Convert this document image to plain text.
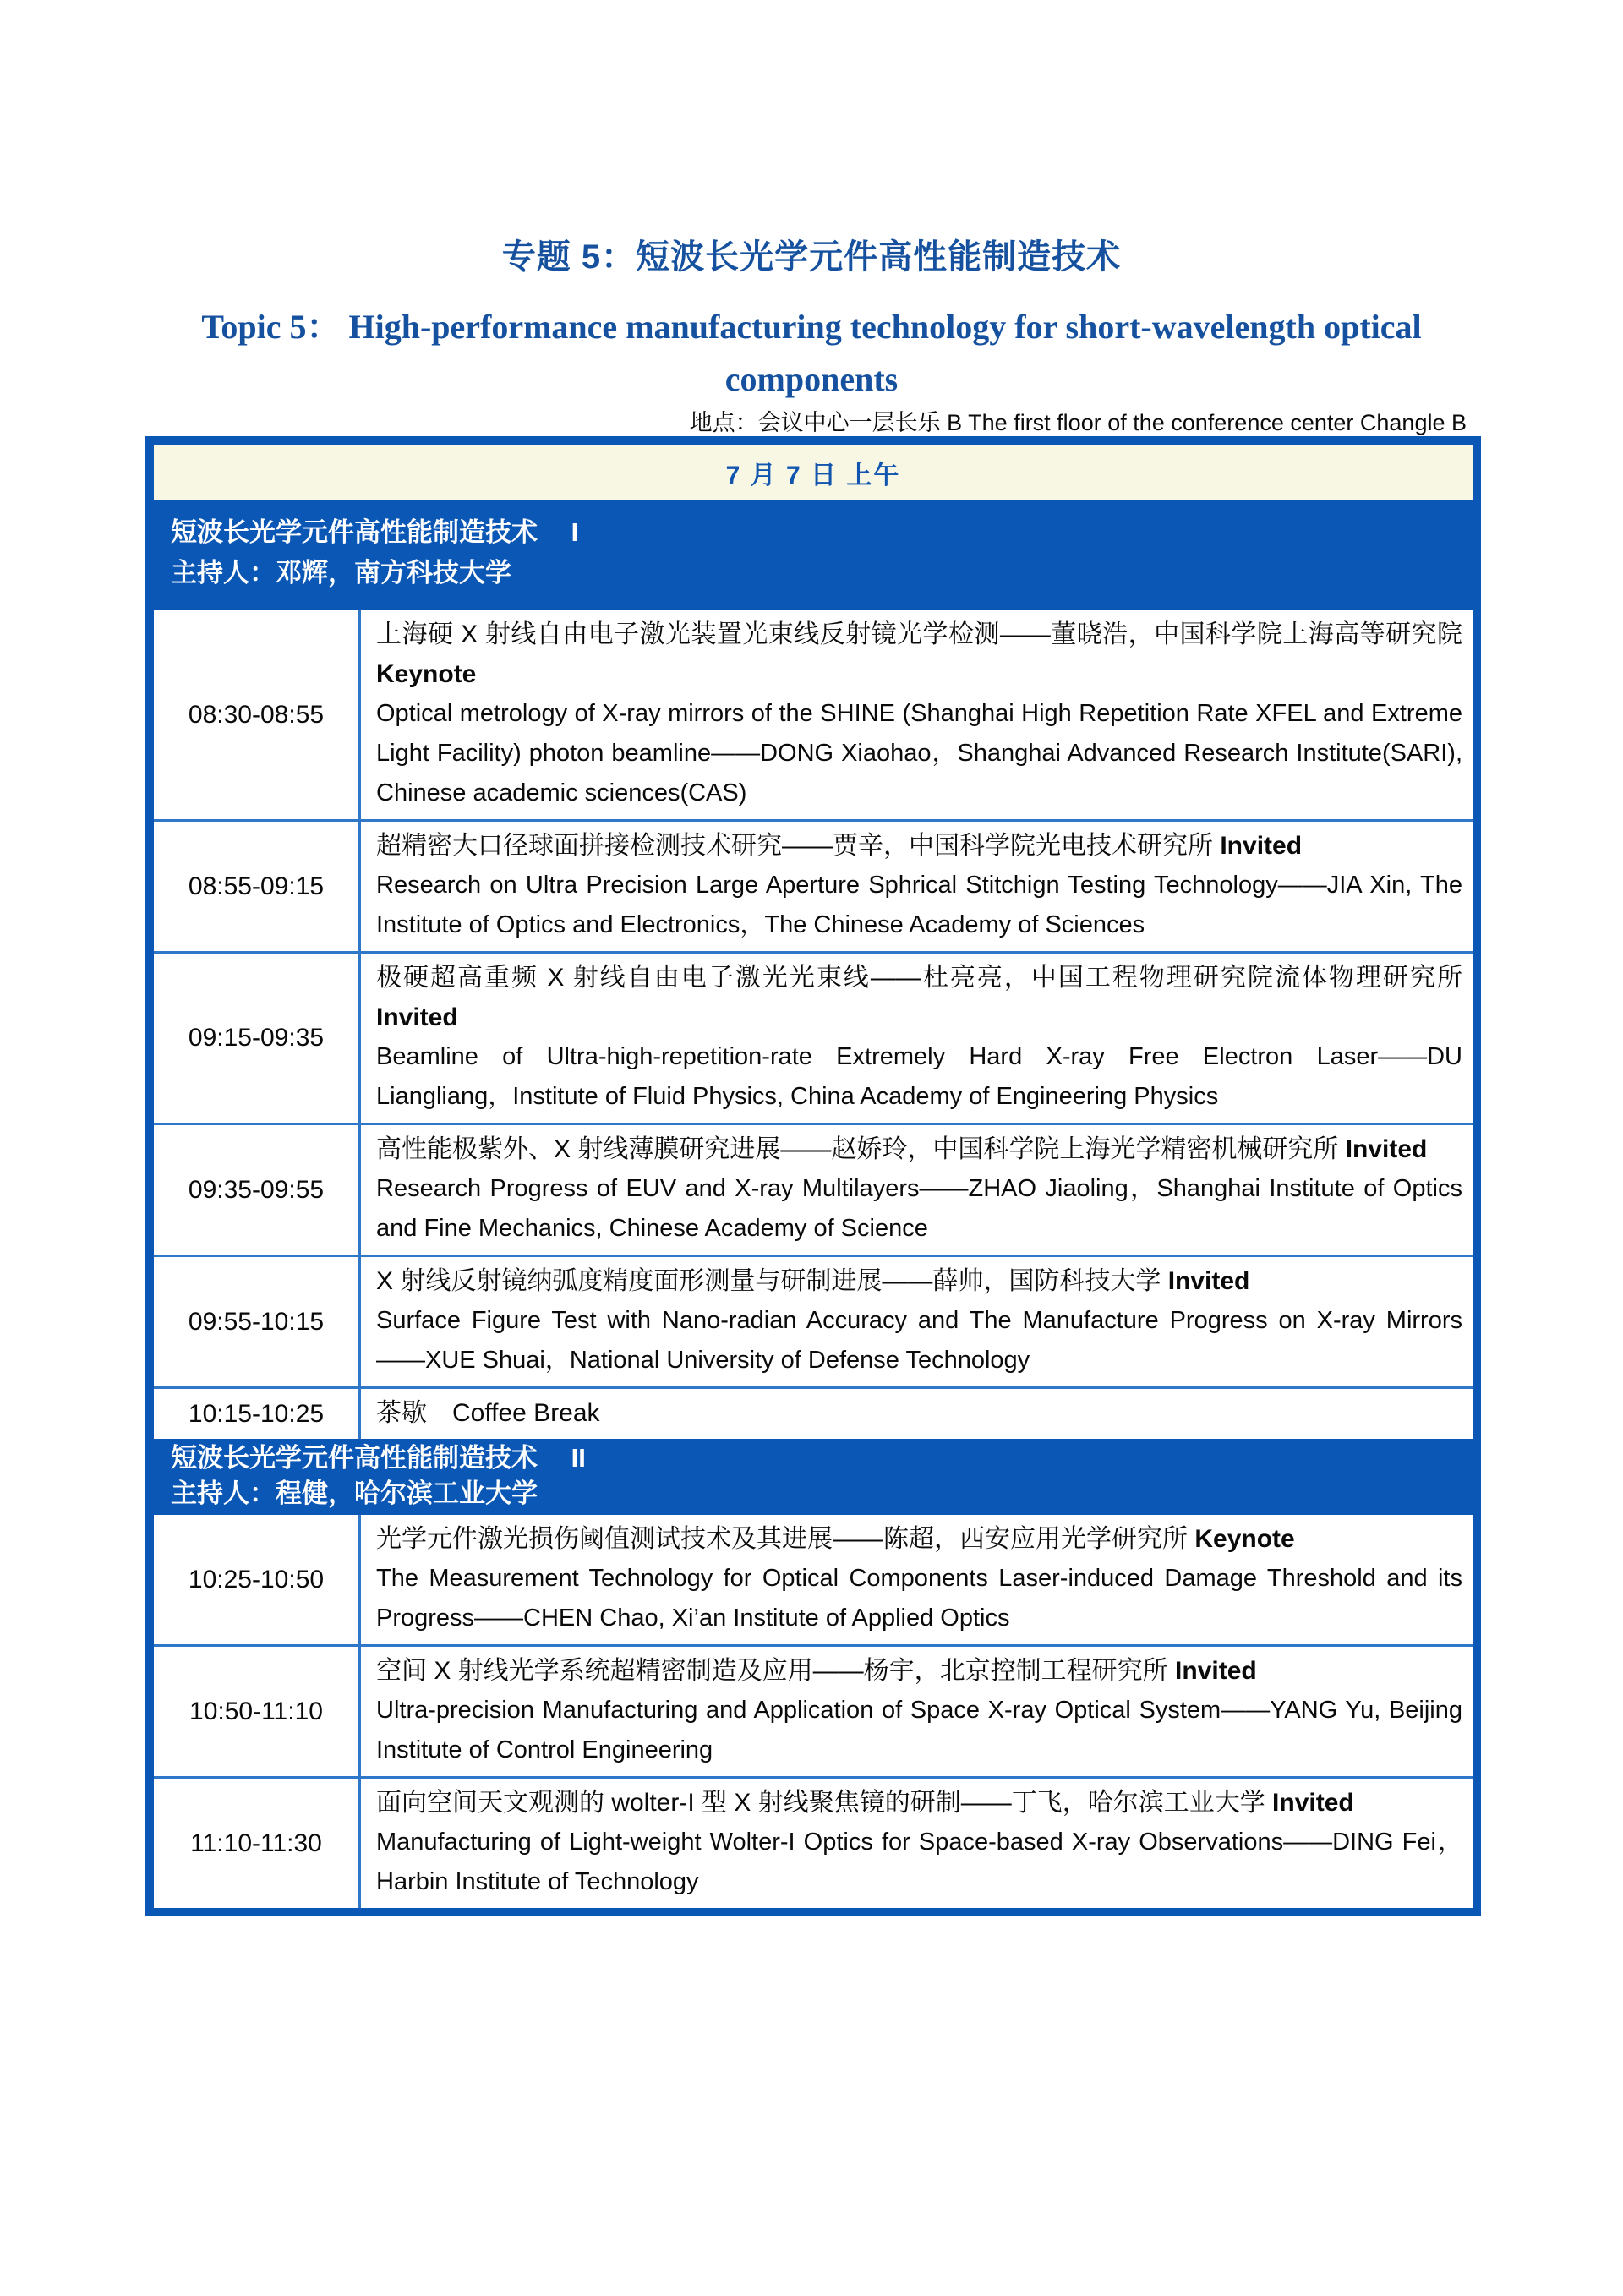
专题 5：短波长光学元件高性能制造技术
Topic 5： High-performance manufacturing technology for short-wavelength optical
components
地点：会议中心一层长乐 B The first floor of the conference center Changle B
7 月 7 日 上午
短波长光学元件高性能制造技术　 I
主持人：邓辉，南方科技大学
08:30-08:55

上海硬 X 射线自由电子激光装置光束线反射镜光学检测——董晓浩，中国科学院上海高等研究院 Keynote

Optical metrology of X-ray mirrors of the SHINE (Shanghai High Repetition Rate XFEL and Extreme Light Facility) photon beamline——DONG Xiaohao，Shanghai Advanced Research Institute(SARI), Chinese academic sciences(CAS)

08:55-09:15

超精密大口径球面拼接检测技术研究——贾辛，中国科学院光电技术研究所 Invited

Research on Ultra Precision Large Aperture Sphrical Stitchign Testing Technology——JIA Xin, The Institute of Optics and Electronics，The Chinese Academy of Sciences

09:15-09:35

极硬超高重频 X 射线自由电子激光光束线——杜亮亮，中国工程物理研究院流体物理研究所 Invited

Beamline of Ultra-high-repetition-rate Extremely Hard X-ray Free Electron Laser——DU Liangliang，Institute of Fluid Physics, China Academy of Engineering Physics

09:35-09:55

高性能极紫外、X 射线薄膜研究进展——赵娇玲，中国科学院上海光学精密机械研究所 Invited

Research Progress of EUV and X-ray Multilayers——ZHAO Jiaoling，Shanghai Institute of Optics and Fine Mechanics, Chinese Academy of Science

09:55-10:15

X 射线反射镜纳弧度精度面形测量与研制进展——薛帅，国防科技大学 Invited

Surface Figure Test with Nano-radian Accuracy and The Manufacture Progress on X-ray Mirrors——XUE Shuai，National University of Defense Technology

10:15-10:25	茶歇　Coffee Break

短波长光学元件高性能制造技术　 II
主持人：程健，哈尔滨工业大学
10:25-10:50

光学元件激光损伤阈值测试技术及其进展——陈超，西安应用光学研究所 Keynote

The Measurement Technology for Optical Components Laser-induced Damage Threshold and its Progress——CHEN Chao, Xi’an Institute of Applied Optics

10:50-11:10

空间 X 射线光学系统超精密制造及应用——杨宇，北京控制工程研究所 Invited

Ultra-precision Manufacturing and Application of Space X-ray Optical System——YANG Yu, Beijing Institute of Control Engineering

11:10-11:30

面向空间天文观测的 wolter-I 型 X 射线聚焦镜的研制——丁飞，哈尔滨工业大学 Invited

Manufacturing of Light-weight Wolter-I Optics for Space-based X-ray Observations——DING Fei，Harbin Institute of Technology
